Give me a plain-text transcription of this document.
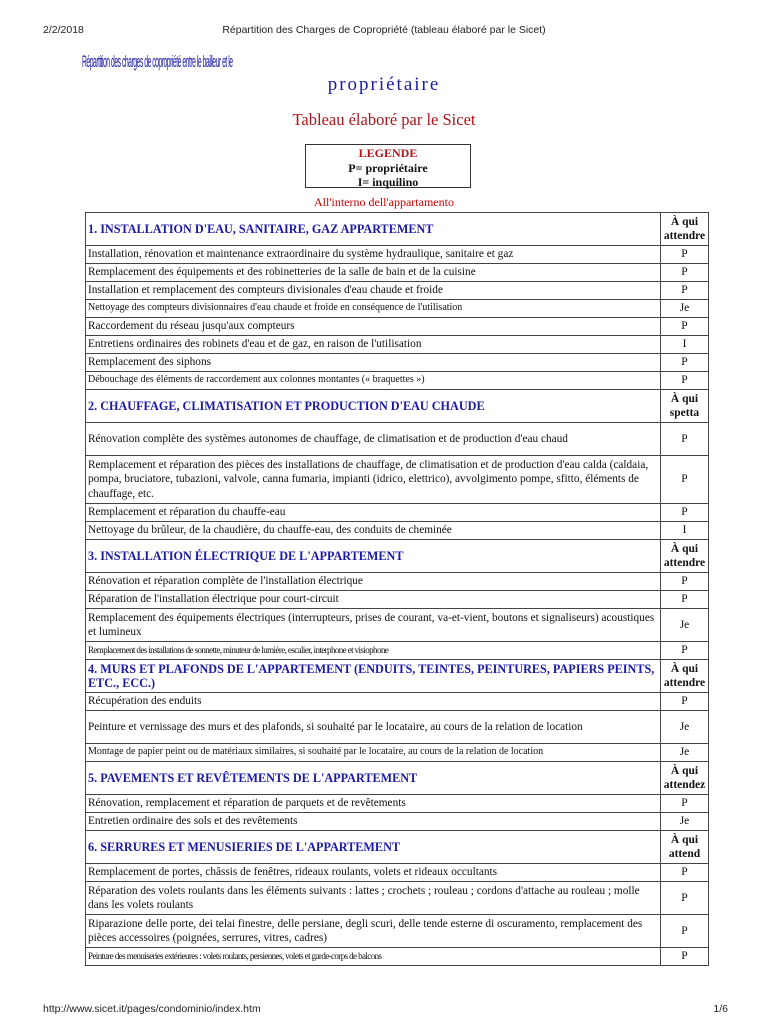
2/2/2018	Répartition des Charges de Copropriété (tableau élaboré par le Sicet)
Répartition des charges de copropriété entre le bailleur et le
propriétaire
Tableau élaboré par le Sicet
LEGENDE
P= propriétaire
I= inquilino
All'interno dell'appartamento
1. INSTALLATION D'EAU, SANITAIRE, GAZ APPARTEMENT	À qui attendre
Installation, rénovation et maintenance extraordinaire du système hydraulique, sanitaire et gaz	P
Remplacement des équipements et des robinetteries de la salle de bain et de la cuisine	P
Installation et remplacement des compteurs divisionales d'eau chaude et froide	P
Nettoyage des compteurs divisionnaires d'eau chaude et froide en conséquence de l'utilisation	Je
Raccordement du réseau jusqu'aux compteurs	P
Entretiens ordinaires des robinets d'eau et de gaz, en raison de l'utilisation	I
Remplacement des siphons	P
Débouchage des éléments de raccordement aux colonnes montantes (« braquettes »)	P
2. CHAUFFAGE, CLIMATISATION ET PRODUCTION D'EAU CHAUDE	À qui spetta
Rénovation complète des systèmes autonomes de chauffage, de climatisation et de production d'eau chaud	P
Remplacement et réparation des pièces des installations de chauffage, de climatisation et de production d'eau calda (caldaia, pompa, bruciatore, tubazioni, valvole, canna fumaria, impianti (idrico, elettrico), avvolgimento pompe, sfitto, éléments de chauffage, etc.	P
Remplacement et réparation du chauffe-eau	P
Nettoyage du brûleur, de la chaudière, du chauffe-eau, des conduits de cheminée	I
3. INSTALLATION ÉLECTRIQUE DE L'APPARTEMENT	À qui attendre
Rénovation et réparation complète de l'installation électrique	P
Réparation de l'installation électrique pour court-circuit	P
Remplacement des équipements électriques (interrupteurs, prises de courant, va-et-vient, boutons et signaliseurs) acoustiques et lumineux	Je
Remplacement des installations de sonnette, minuteur de lumière, escalier, interphone et visiophone	P
4. MURS ET PLAFONDS DE L'APPARTEMENT (ENDUITS, TEINTES, PEINTURES, PAPIERS PEINTS, ETC., ECC.)	À qui attendre
Récupération des enduits	P
Peinture et vernissage des murs et des plafonds, si souhaité par le locataire, au cours de la relation de location	Je
Montage de papier peint ou de matériaux similaires, si souhaité par le locataire, au cours de la relation de location	Je
5. PAVEMENTS ET REVÊTEMENTS DE L'APPARTEMENT	À qui attendez
Rénovation, remplacement et réparation de parquets et de revêtements	P
Entretien ordinaire des sols et des revêtements	Je
6. SERRURES ET MENUSIERIES DE L'APPARTEMENT	À qui attend
Remplacement de portes, châssis de fenêtres, rideaux roulants, volets et rideaux occultants	P
Réparation des volets roulants dans les éléments suivants : lattes ; crochets ; rouleau ; cordons d'attache au rouleau ; molle dans les volets roulants	P
Riparazione delle porte, dei telai finestre, delle persiane, degli scuri, delle tende esterne di oscuramento, remplacement des pièces accessoires (poignées, serrures, vitres, cadres)	P
Peinture des menuiseries extérieures : volets roulants, persiennes, volets et garde-corps de balcons	P
http://www.sicet.it/pages/condominio/index.htm	1/6
